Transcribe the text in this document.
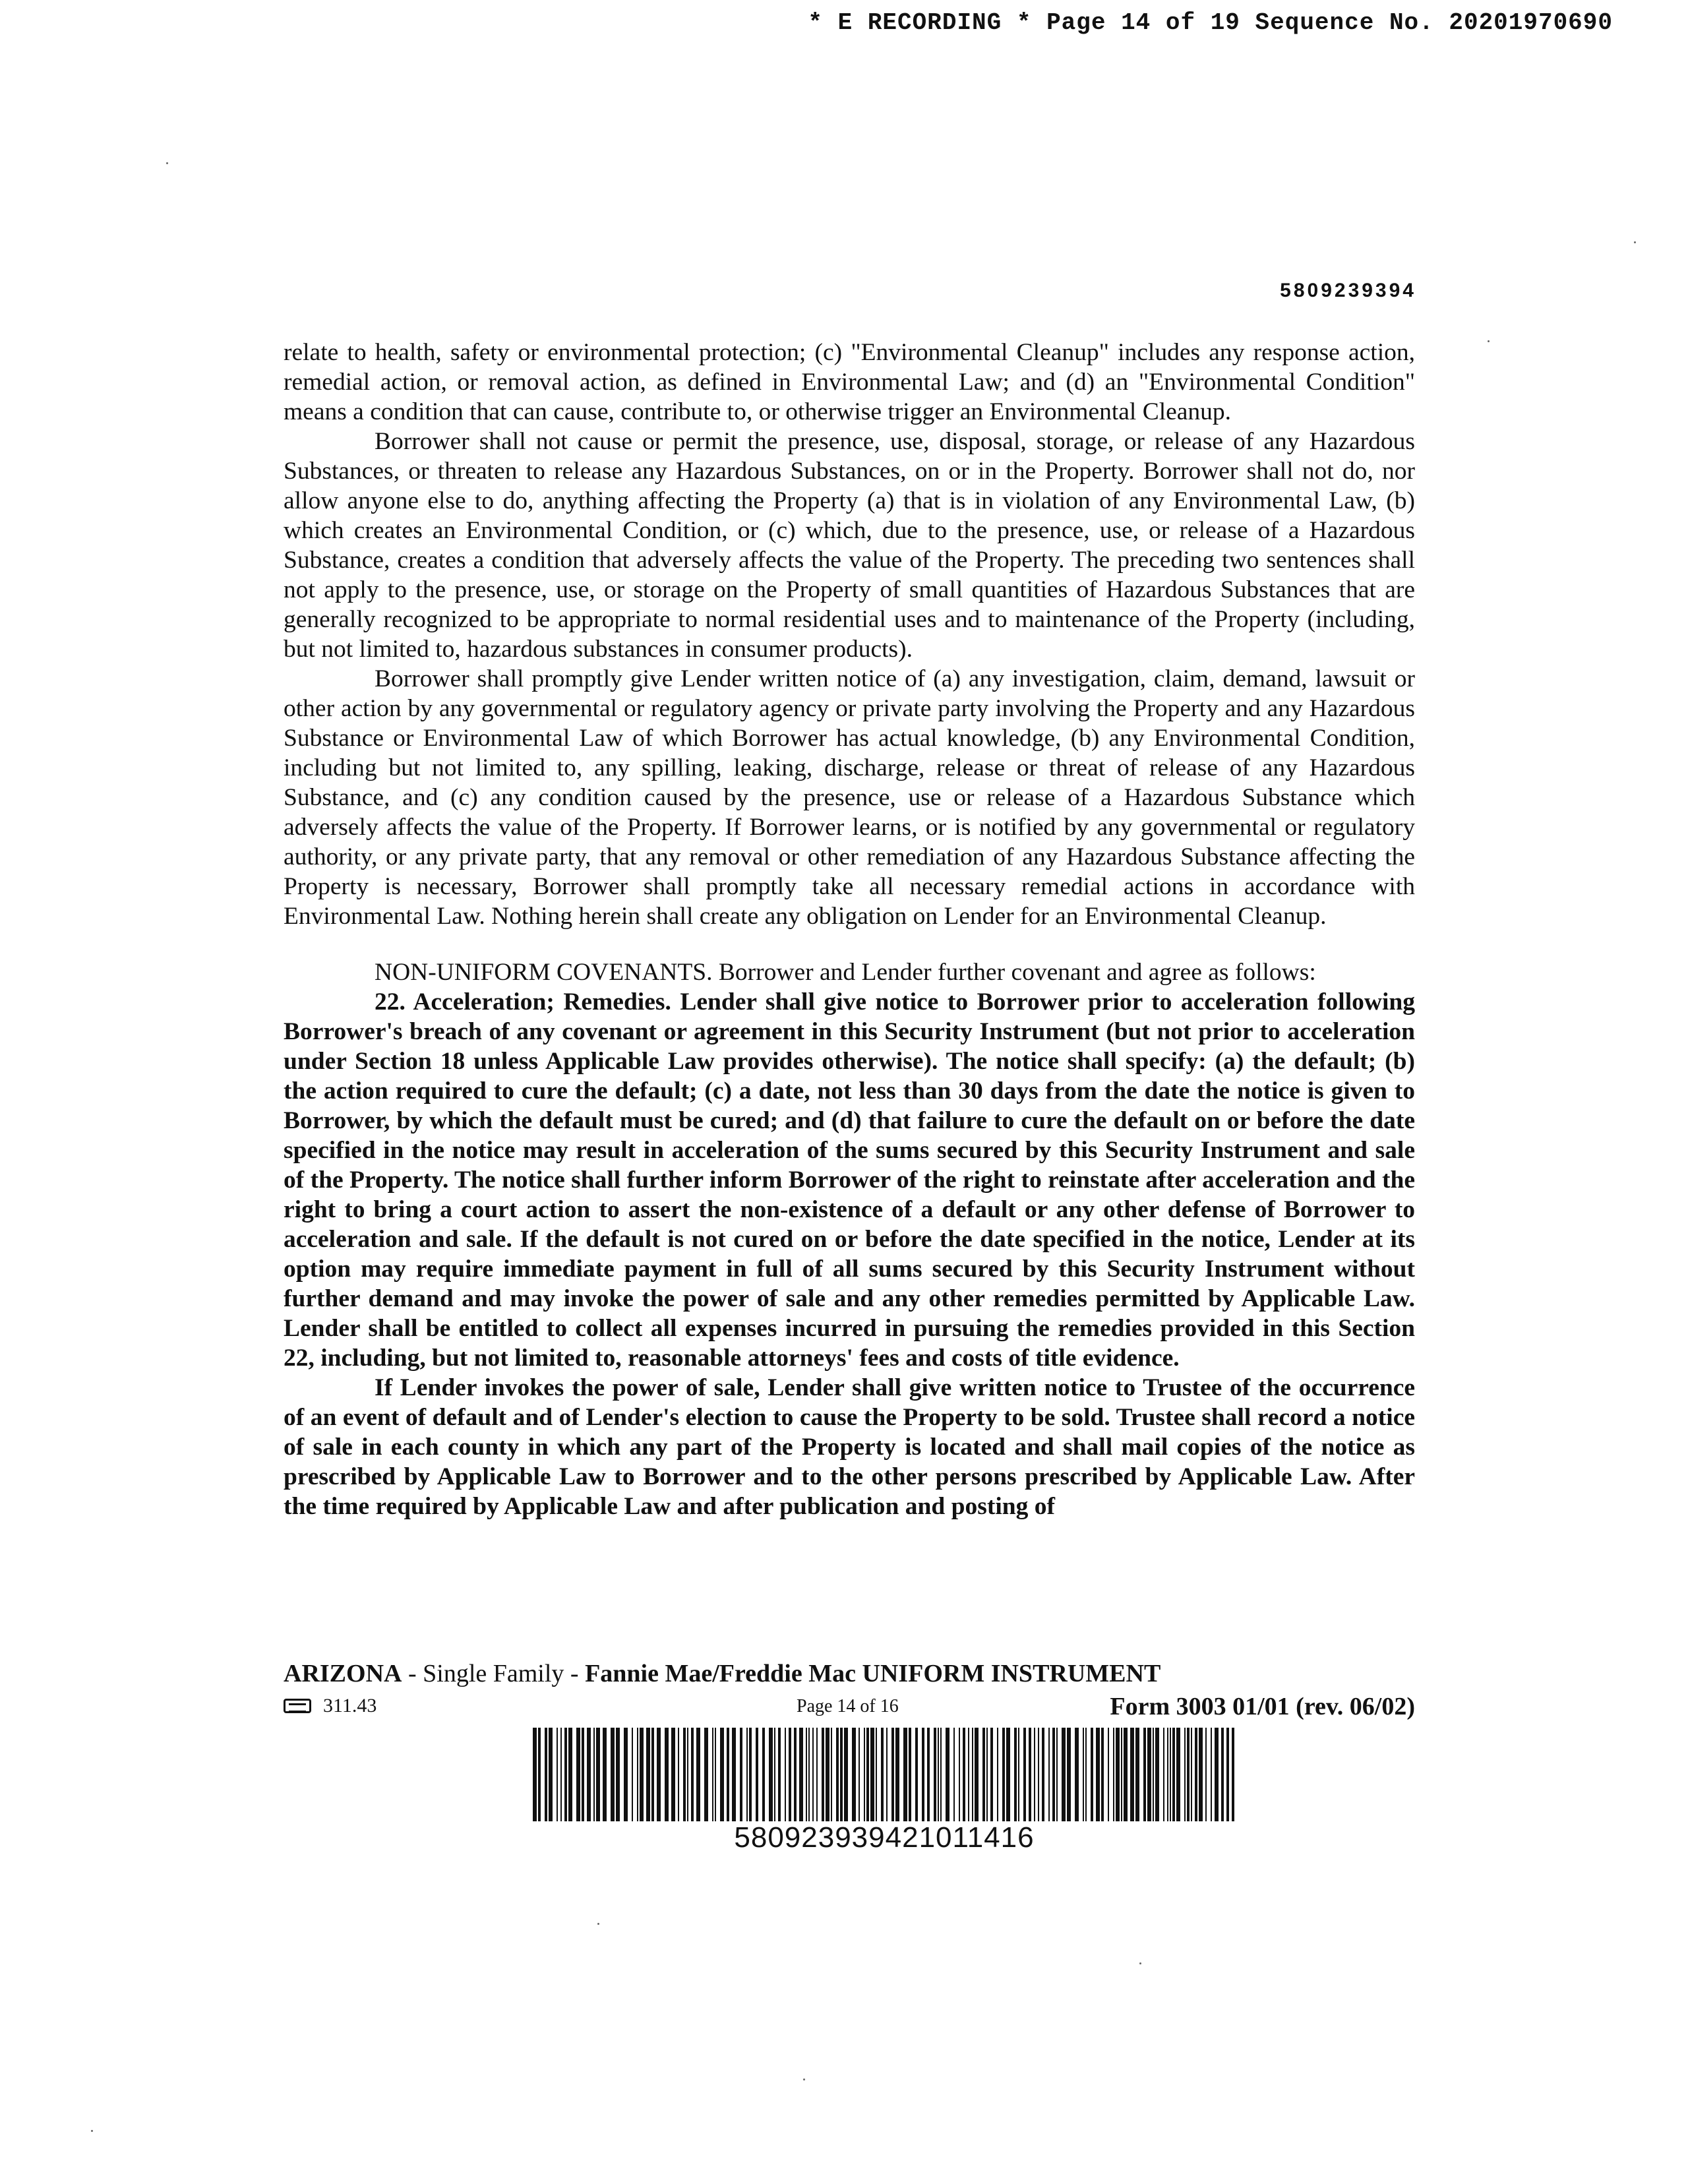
* E RECORDING * Page 14 of 19 Sequence No. 20201970690
5809239394

relate to health, safety or environmental protection; (c) "Environmental Cleanup" includes any response action, remedial action, or removal action, as defined in Environmental Law; and (d) an "Environmental Condition" means a condition that can cause, contribute to, or otherwise trigger an Environmental Cleanup.

Borrower shall not cause or permit the presence, use, disposal, storage, or release of any Hazardous Substances, or threaten to release any Hazardous Substances, on or in the Property. Borrower shall not do, nor allow anyone else to do, anything affecting the Property (a) that is in violation of any Environmental Law, (b) which creates an Environmental Condition, or (c) which, due to the presence, use, or release of a Hazardous Substance, creates a condition that adversely affects the value of the Property. The preceding two sentences shall not apply to the presence, use, or storage on the Property of small quantities of Hazardous Substances that are generally recognized to be appropriate to normal residential uses and to maintenance of the Property (including, but not limited to, hazardous substances in consumer products).

Borrower shall promptly give Lender written notice of (a) any investigation, claim, demand, lawsuit or other action by any governmental or regulatory agency or private party involving the Property and any Hazardous Substance or Environmental Law of which Borrower has actual knowledge, (b) any Environmental Condition, including but not limited to, any spilling, leaking, discharge, release or threat of release of any Hazardous Substance, and (c) any condition caused by the presence, use or release of a Hazardous Substance which adversely affects the value of the Property. If Borrower learns, or is notified by any governmental or regulatory authority, or any private party, that any removal or other remediation of any Hazardous Substance affecting the Property is necessary, Borrower shall promptly take all necessary remedial actions in accordance with Environmental Law. Nothing herein shall create any obligation on Lender for an Environmental Cleanup.

NON-UNIFORM COVENANTS. Borrower and Lender further covenant and agree as follows:

22. Acceleration; Remedies. Lender shall give notice to Borrower prior to acceleration following Borrower's breach of any covenant or agreement in this Security Instrument (but not prior to acceleration under Section 18 unless Applicable Law provides otherwise). The notice shall specify: (a) the default; (b) the action required to cure the default; (c) a date, not less than 30 days from the date the notice is given to Borrower, by which the default must be cured; and (d) that failure to cure the default on or before the date specified in the notice may result in acceleration of the sums secured by this Security Instrument and sale of the Property. The notice shall further inform Borrower of the right to reinstate after acceleration and the right to bring a court action to assert the non-existence of a default or any other defense of Borrower to acceleration and sale. If the default is not cured on or before the date specified in the notice, Lender at its option may require immediate payment in full of all sums secured by this Security Instrument without further demand and may invoke the power of sale and any other remedies permitted by Applicable Law. Lender shall be entitled to collect all expenses incurred in pursuing the remedies provided in this Section 22, including, but not limited to, reasonable attorneys' fees and costs of title evidence.

If Lender invokes the power of sale, Lender shall give written notice to Trustee of the occurrence of an event of default and of Lender's election to cause the Property to be sold. Trustee shall record a notice of sale in each county in which any part of the Property is located and shall mail copies of the notice as prescribed by Applicable Law to Borrower and to the other persons prescribed by Applicable Law. After the time required by Applicable Law and after publication and posting of

ARIZONA - Single Family - Fannie Mae/Freddie Mac UNIFORM INSTRUMENT
311.43	Page 14 of 16	Form 3003 01/01 (rev. 06/02)
580923939421011416
